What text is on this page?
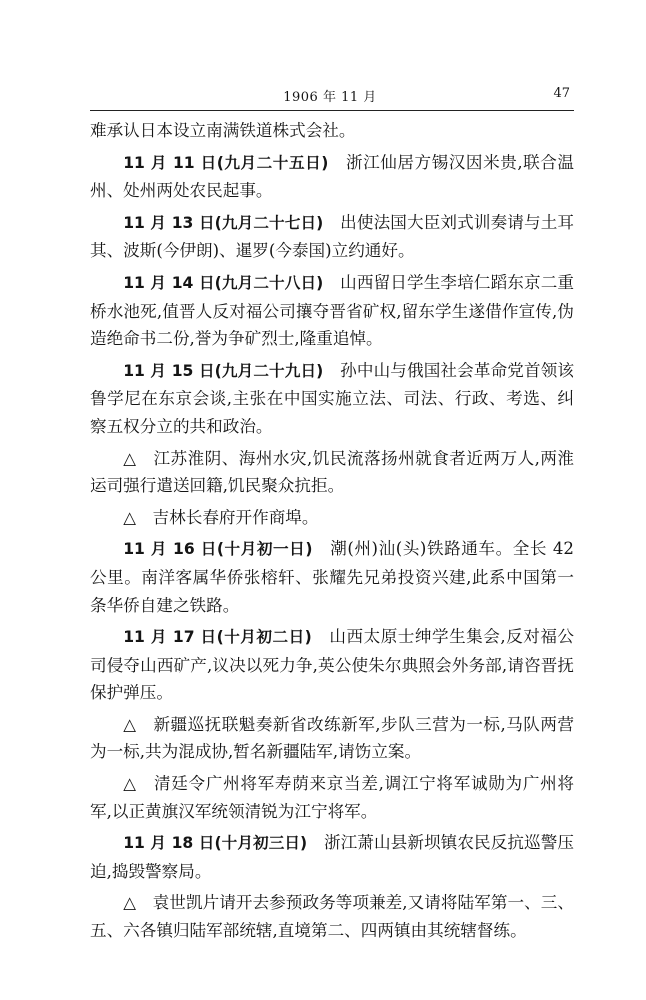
1906 年 11 月	47

难承认日本设立南满铁道株式会社。

11 月 11 日(九月二十五日)　 浙江仙居方锡汉因米贵,联合温州、处州两处农民起事。

11 月 13 日(九月二十七日)　 出使法国大臣刘式训奏请与土耳其、波斯(今伊朗)、暹罗(今泰国)立约通好。

11 月 14 日(九月二十八日)　 山西留日学生李培仁蹈东京二重桥水池死,值晋人反对福公司攘夺晋省矿权,留东学生遂借作宣传,伪造绝命书二份,誉为争矿烈士,隆重追悼。

11 月 15 日(九月二十九日)　 孙中山与俄国社会革命党首领该鲁学尼在东京会谈,主张在中国实施立法、司法、行政、考选、纠察五权分立的共和政治。

△　 江苏淮阴、海州水灾,饥民流落扬州就食者近两万人,两淮运司强行遣送回籍,饥民聚众抗拒。

△　 吉林长春府开作商埠。

11 月 16 日(十月初一日)　 潮(州)汕(头)铁路通车。全长 42 公里。南洋客属华侨张榕轩、张耀先兄弟投资兴建,此系中国第一条华侨自建之铁路。

11 月 17 日(十月初二日)　 山西太原士绅学生集会,反对福公司侵夺山西矿产,议决以死力争,英公使朱尔典照会外务部,请咨晋抚保护弹压。

△　 新疆巡抚联魁奏新省改练新军,步队三营为一标,马队两营为一标,共为混成协,暂名新疆陆军,请饬立案。

△　 清廷令广州将军寿荫来京当差,调江宁将军诚勋为广州将军,以正黄旗汉军统领清锐为江宁将军。

11 月 18 日(十月初三日)　 浙江萧山县新坝镇农民反抗巡警压迫,捣毁警察局。

△　 袁世凯片请开去参预政务等项兼差,又请将陆军第一、三、五、六各镇归陆军部统辖,直境第二、四两镇由其统辖督练。
